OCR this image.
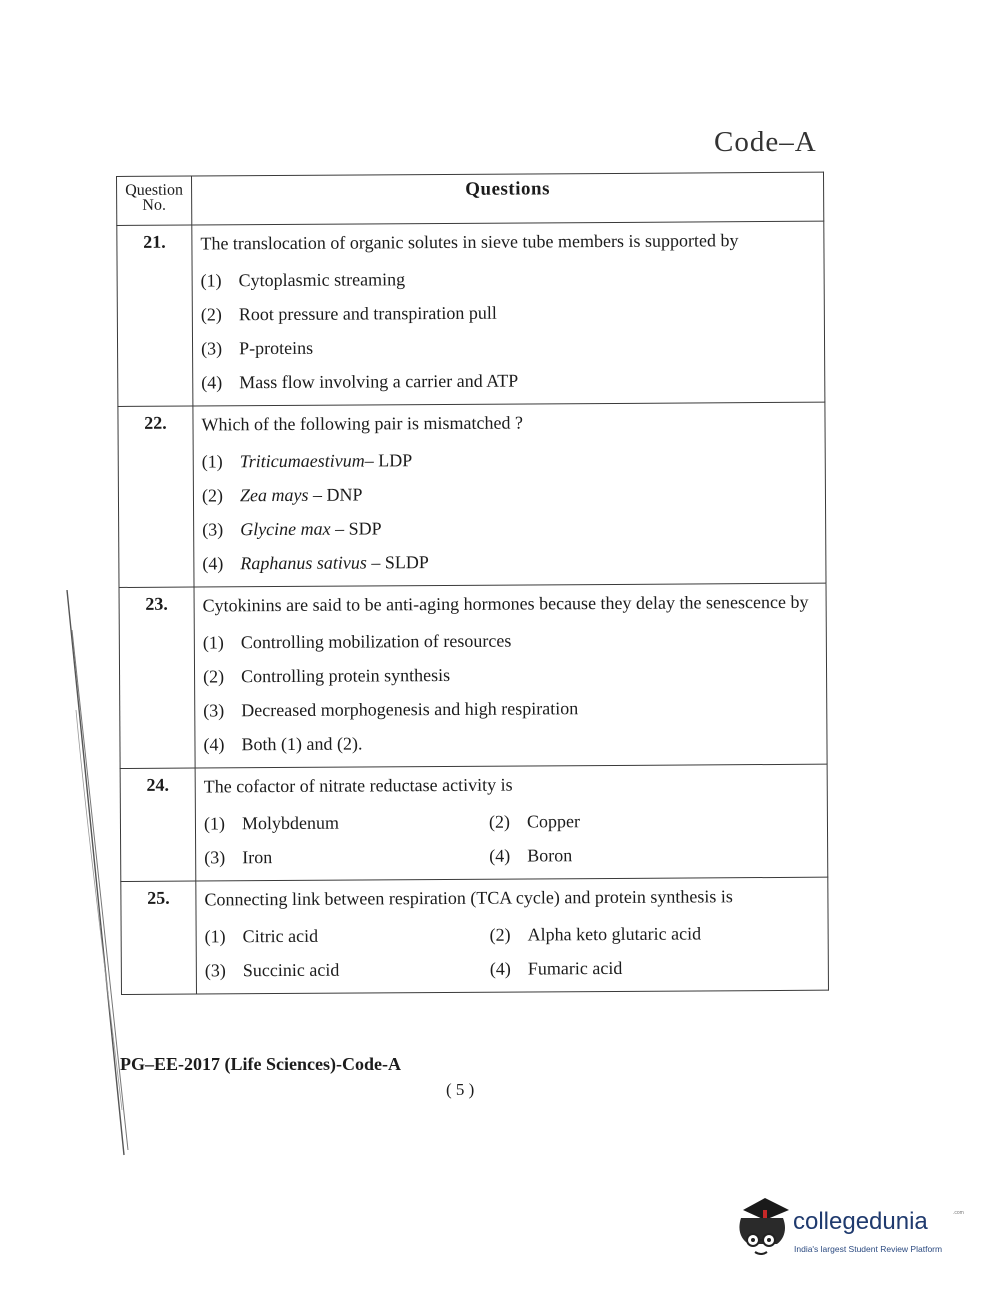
Code–A
Question No.	Questions
21.	The translocation of organic solutes in sieve tube members is supported by
(1) Cytoplasmic streaming
(2) Root pressure and transpiration pull
(3) P-proteins
(4) Mass flow involving a carrier and ATP

22.	Which of the following pair is mismatched ?
(1) Triticumaestivum– LDP
(2) Zea mays – DNP
(3) Glycine max – SDP
(4) Raphanus sativus – SLDP

23.	Cytokinins are said to be anti-aging hormones because they delay the senescence by
(1) Controlling mobilization of resources
(2) Controlling protein synthesis
(3) Decreased morphogenesis and high respiration
(4) Both (1) and (2).

24.	The cofactor of nitrate reductase activity is
(1) Molybdenum (2) Copper
(3) Iron (4) Boron

25.	Connecting link between respiration (TCA cycle) and protein synthesis is
(1) Citric acid (2) Alpha keto glutaric acid
(3) Succinic acid (4) Fumaric acid
PG–EE-2017 (Life Sciences)-Code-A
( 5 )
collegedunia	.com
India's largest Student Review Platform
